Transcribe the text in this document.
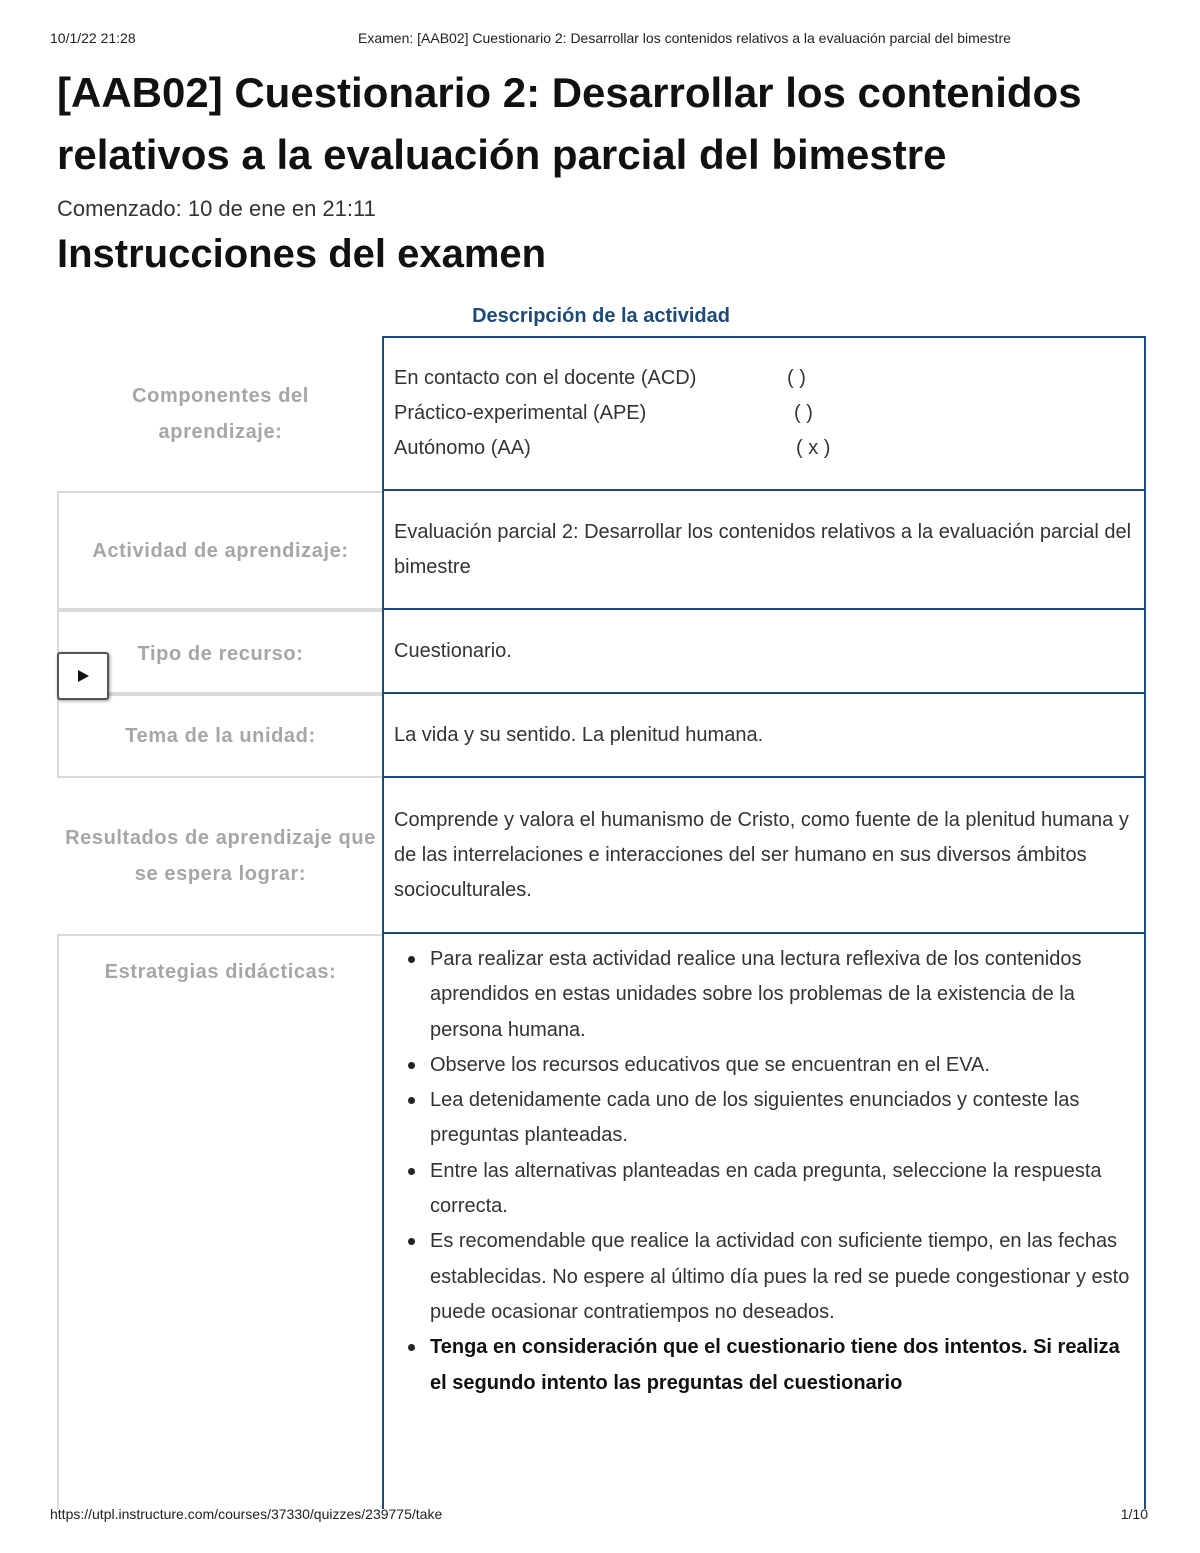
10/1/22 21:28	Examen: [AAB02] Cuestionario 2: Desarrollar los contenidos relativos a la evaluación parcial del bimestre
[AAB02] Cuestionario 2: Desarrollar los contenidos relativos a la evaluación parcial del bimestre
Comenzado: 10 de ene en 21:11
Instrucciones del examen
Descripción de la actividad
Componentes del aprendizaje:
En contacto con el docente (ACD)	( )
Práctico-experimental (APE)	( )
Autónomo (AA)	( x )
Actividad de aprendizaje:
Evaluación parcial 2: Desarrollar los contenidos relativos a la evaluación parcial del bimestre
Tipo de recurso:	Cuestionario.
Tema de la unidad:	La vida y su sentido. La plenitud humana.
Resultados de aprendizaje que se espera lograr:
Comprende y valora el humanismo de Cristo, como fuente de la plenitud humana y de las interrelaciones e interacciones del ser humano en sus diversos ámbitos socioculturales.
Estrategias didácticas:
Para realizar esta actividad realice una lectura reflexiva de los contenidos aprendidos en estas unidades sobre los problemas de la existencia de la persona humana.
Observe los recursos educativos que se encuentran en el EVA.
Lea detenidamente cada uno de los siguientes enunciados y conteste las preguntas planteadas.
Entre las alternativas planteadas en cada pregunta, seleccione la respuesta correcta.
Es recomendable que realice la actividad con suficiente tiempo, en las fechas establecidas. No espere al último día pues la red se puede congestionar y esto puede ocasionar contratiempos no deseados.
Tenga en consideración que el cuestionario tiene dos intentos. Si realiza el segundo intento las preguntas del cuestionario
https://utpl.instructure.com/courses/37330/quizzes/239775/take	1/10
